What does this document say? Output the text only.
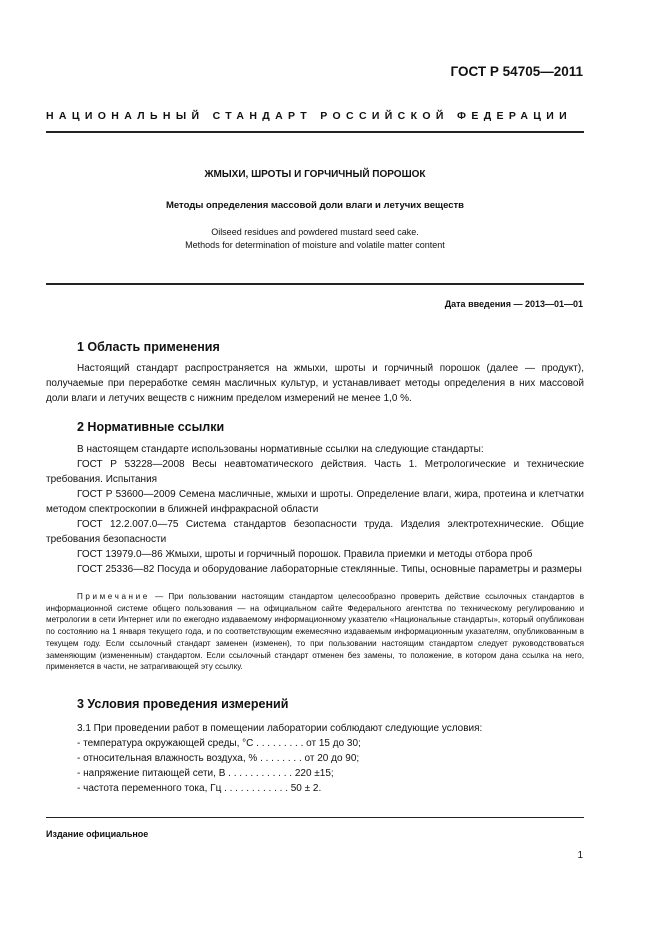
ГОСТ Р 54705—2011
НАЦИОНАЛЬНЫЙ СТАНДАРТ РОССИЙСКОЙ ФЕДЕРАЦИИ
ЖМЫХИ, ШРОТЫ И ГОРЧИЧНЫЙ ПОРОШОК
Методы определения массовой доли влаги и летучих веществ
Oilseed residues and powdered mustard seed cake.
Methods for determination of moisture and volatile matter content
Дата введения — 2013—01—01
1 Область применения
Настоящий стандарт распространяется на жмыхи, шроты и горчичный порошок (далее — продукт), получаемые при переработке семян масличных культур, и устанавливает методы определения в них массовой доли влаги и летучих веществ с нижним пределом измерений не менее 1,0 %.
2 Нормативные ссылки
В настоящем стандарте использованы нормативные ссылки на следующие стандарты:
ГОСТ Р 53228—2008 Весы неавтоматического действия. Часть 1. Метрологические и технические требования. Испытания
ГОСТ Р 53600—2009 Семена масличные, жмыхи и шроты. Определение влаги, жира, протеина и клетчатки методом спектроскопии в ближней инфракрасной области
ГОСТ 12.2.007.0—75 Система стандартов безопасности труда. Изделия электротехнические. Общие требования безопасности
ГОСТ 13979.0—86 Жмыхи, шроты и горчичный порошок. Правила приемки и методы отбора проб
ГОСТ 25336—82 Посуда и оборудование лабораторные стеклянные. Типы, основные параметры и размеры
Примечание — При пользовании настоящим стандартом целесообразно проверить действие ссылочных стандартов в информационной системе общего пользования — на официальном сайте Федерального агентства по техническому регулированию и метрологии в сети Интернет или по ежегодно издаваемому информационному указателю «Национальные стандарты», который опубликован по состоянию на 1 января текущего года, и по соответствующим ежемесячно издаваемым информационным указателям, опубликованным в текущем году. Если ссылочный стандарт заменен (изменен), то при пользовании настоящим стандартом следует руководствоваться заменяющим (измененным) стандартом. Если ссылочный стандарт отменен без замены, то положение, в котором дана ссылка на него, применяется в части, не затрагивающей эту ссылку.
3 Условия проведения измерений
3.1 При проведении работ в помещении лаборатории соблюдают следующие условия:
- температура окружающей среды, °С . . . . . . . . . от 15 до 30;
- относительная влажность воздуха, % . . . . . . . . от 20 до 90;
- напряжение питающей сети, В . . . . . . . . . . . . 220 ±15;
- частота переменного тока, Гц . . . . . . . . . . . . 50 ± 2.
Издание официальное
1
